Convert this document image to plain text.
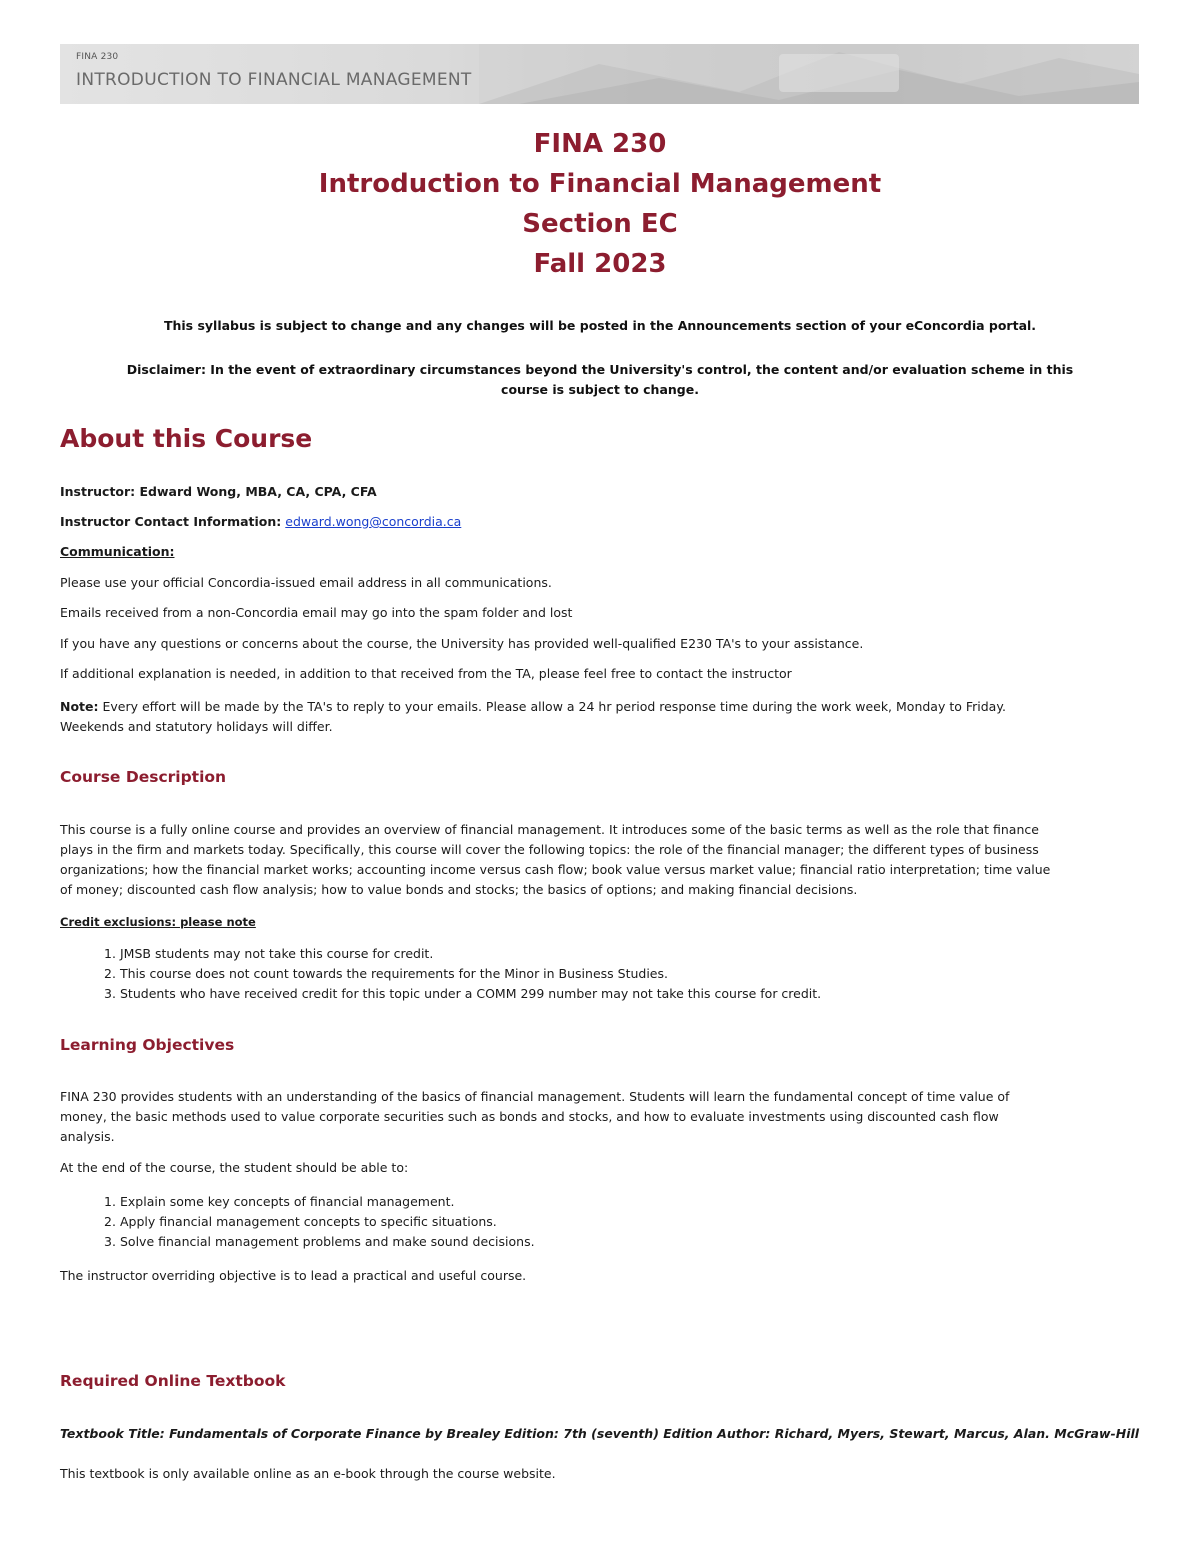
FINA 230
INTRODUCTION TO FINANCIAL MANAGEMENT
FINA 230
Introduction to Financial Management
Section EC
Fall 2023
This syllabus is subject to change and any changes will be posted in the Announcements section of your eConcordia portal.
Disclaimer: In the event of extraordinary circumstances beyond the University's control, the content and/or evaluation scheme in this
course is subject to change.
About this Course

Instructor: Edward Wong, MBA, CA, CPA, CFA

Instructor Contact Information: edward.wong@concordia.ca

Communication:

Please use your official Concordia-issued email address in all communications.

Emails received from a non-Concordia email may go into the spam folder and lost

If you have any questions or concerns about the course, the University has provided well-qualified E230 TA's to your assistance.

If additional explanation is needed, in addition to that received from the TA, please feel free to contact the instructor

Note: Every effort will be made by the TA's to reply to your emails. Please allow a 24 hr period response time during the work week, Monday to Friday.
Weekends and statutory holidays will differ.
Course Description
This course is a fully online course and provides an overview of financial management. It introduces some of the basic terms as well as the role that finance
plays in the firm and markets today. Specifically, this course will cover the following topics: the role of the financial manager; the different types of business
organizations; how the financial market works; accounting income versus cash flow; book value versus market value; financial ratio interpretation; time value
of money; discounted cash flow analysis; how to value bonds and stocks; the basics of options; and making financial decisions.

Credit exclusions: please note

1. JMSB students may not take this course for credit.
2. This course does not count towards the requirements for the Minor in Business Studies.
3. Students who have received credit for this topic under a COMM 299 number may not take this course for credit.
Learning Objectives
FINA 230 provides students with an understanding of the basics of financial management. Students will learn the fundamental concept of time value of
money, the basic methods used to value corporate securities such as bonds and stocks, and how to evaluate investments using discounted cash flow
analysis.

At the end of the course, the student should be able to:

1. Explain some key concepts of financial management.
2. Apply financial management concepts to specific situations.
3. Solve financial management problems and make sound decisions.

The instructor overriding objective is to lead a practical and useful course.

Required Online Textbook

Textbook Title: Fundamentals of Corporate Finance by Brealey Edition: 7th (seventh) Edition Author: Richard, Myers, Stewart, Marcus, Alan. McGraw-Hill

This textbook is only available online as an e-book through the course website.
